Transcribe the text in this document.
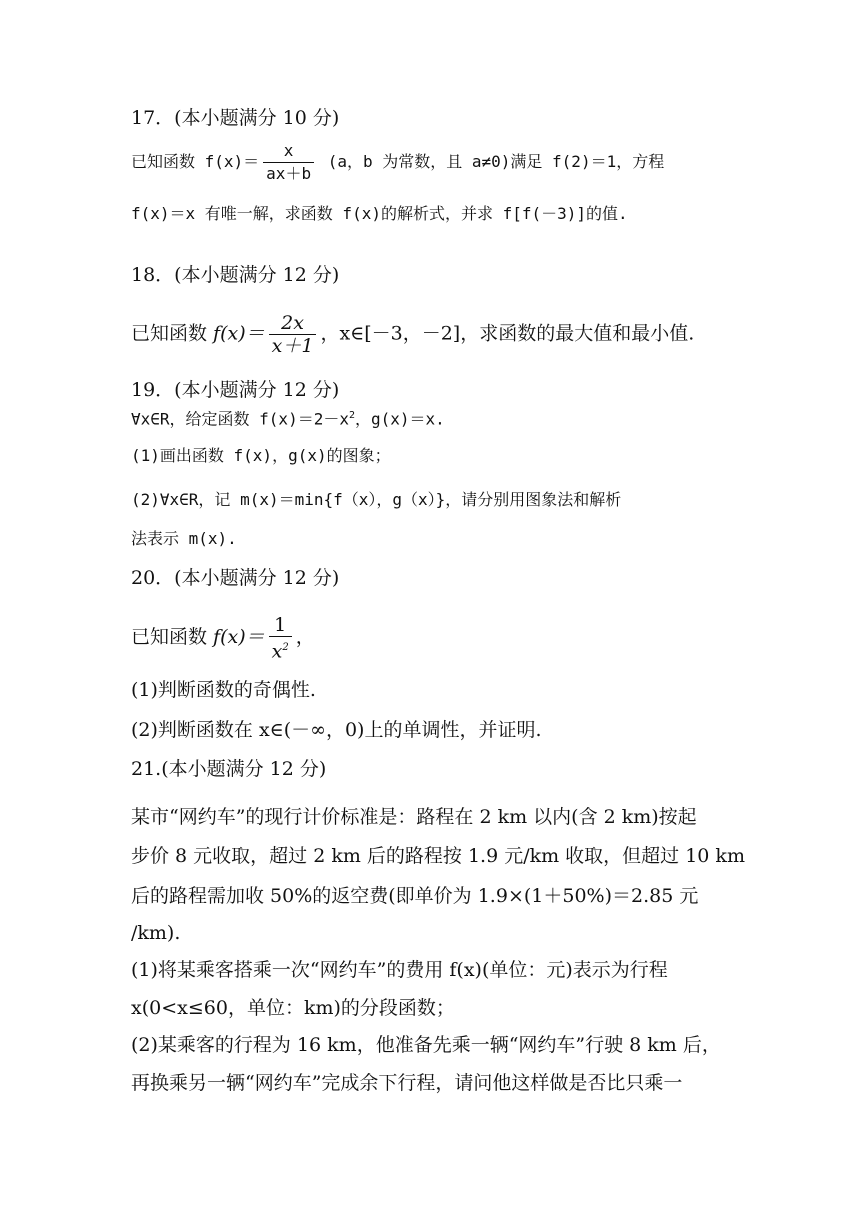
17．(本小题满分 10 分)
已知函数 $f(x)= \frac{x}{ax+b} (a$，b 为常数，且 a≠0)满足 f(2)＝1，方程
f(x)＝x 有唯一解，求函数 f(x)的解析式，并求 f[f(－3)]的值.
18．(本小题满分 12 分)
已知函数 $f(x)= \frac{2x}{x+1}$ ，x∈[－3，－2]，求函数的最大值和最小值.
19．(本小题满分 12 分)
∀x∈R，给定函数 $f(x)=2-x^2$，g(x)＝x.
(1)画出函数 f(x)，g(x)的图象；
(2)∀x∈R，记 m(x)＝min{f（x），g（x）}，请分别用图象法和解析
法表示 m(x).
20．(本小题满分 12 分)
已知函数 $f(x)= \frac{1}{x^2}$ ，
(1)判断函数的奇偶性.
(2)判断函数在 x∈(－∞，0)上的单调性，并证明.
21.(本小题满分 12 分)
某市“网约车”的现行计价标准是：路程在 2 km 以内(含 2 km)按起
步价 8 元收取，超过 2 km 后的路程按 1.9 元/km 收取，但超过 10 km
后的路程需加收 50%的返空费(即单价为 1.9×(1＋50%)＝2.85 元
/km).
(1)将某乘客搭乘一次“网约车”的费用 f(x)(单位：元)表示为行程
x(0<x≤60，单位：km)的分段函数；
(2)某乘客的行程为 16 km，他准备先乘一辆“网约车”行驶 8 km 后，
再换乘另一辆“网约车”完成余下行程，请问他这样做是否比只乘一
